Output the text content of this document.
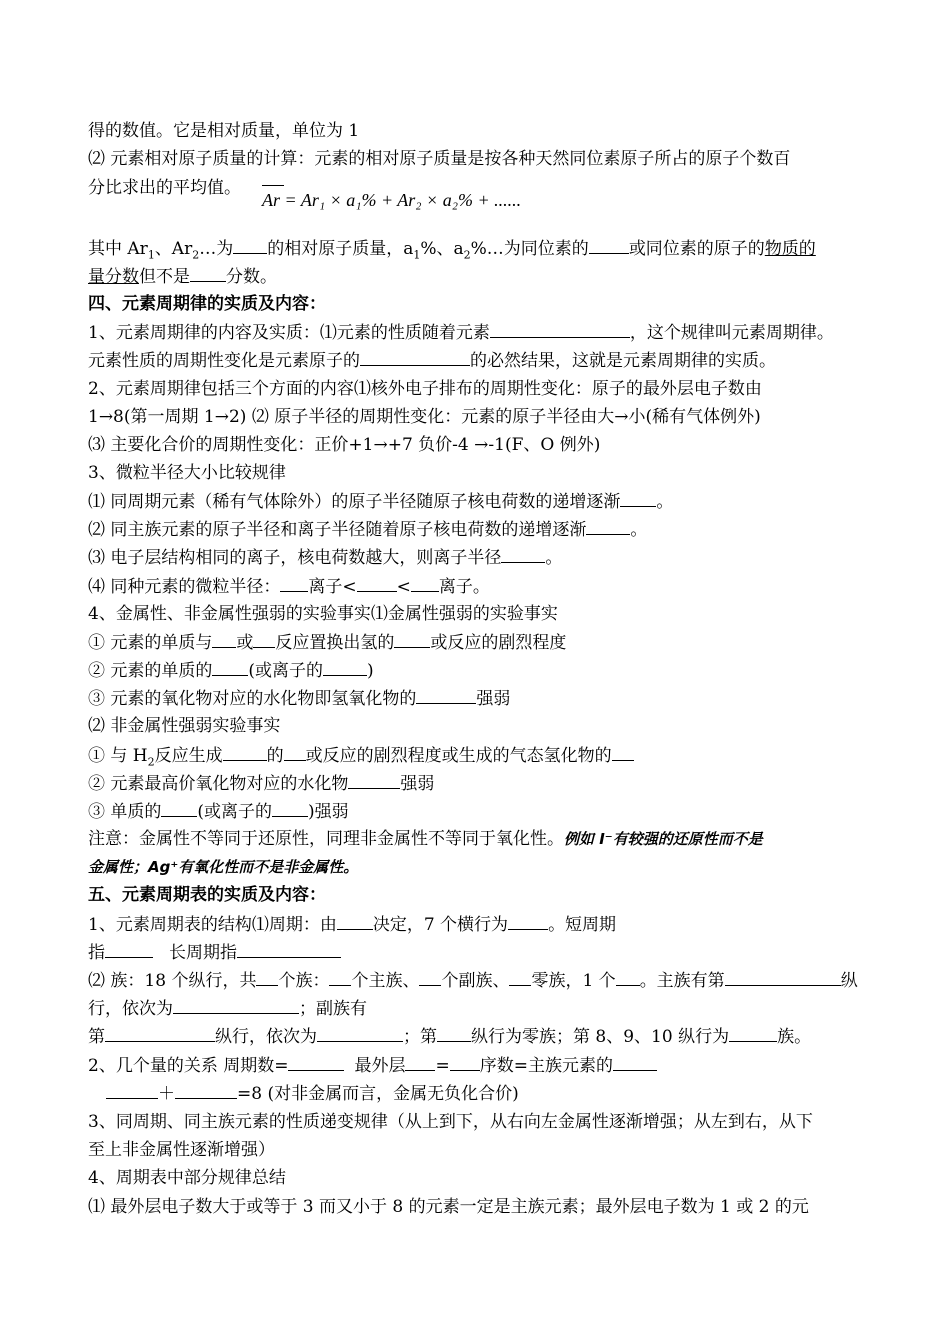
得的数值。它是相对质量，单位为 1
⑵ 元素相对原子质量的计算：元素的相对原子质量是按各种天然同位素原子所占的原子个数百
分比求出的平均值。
Ar = Ar₁ × a₁% + Ar₂ × a₂% + ......
其中 $Ar_1$、$Ar_2\dots$为 的相对原子质量，$a_1\%$、$a_2\%\dots$为同位素的 或同位素的原子的物质的
量分数但不是 分数。
四、元素周期律的实质及内容：
1、元素周期律的内容及实质：⑴元素的性质随着元素	，这个规律叫元素周期律。
元素性质的周期性变化是元素原子的	的必然结果，这就是元素周期律的实质。
2、元素周期律包括三个方面的内容⑴核外电子排布的周期性变化：原子的最外层电子数由
1→8(第一周期 1→2) ⑵ 原子半径的周期性变化：元素的原子半径由大→小(稀有气体例外)
⑶ 主要化合价的周期性变化：正价+1→+7 负价-4 →-1(F、O 例外)
3、微粒半径大小比较规律
⑴ 同周期元素（稀有气体除外）的原子半径随原子核电荷数的递增逐渐 。
⑵ 同主族元素的原子半径和离子半径随着原子核电荷数的递增逐渐	。
⑶ 电子层结构相同的离子，核电荷数越大，则离子半径	。
⑷ 同种元素的微粒半径： 离子< < 离子。
4、金属性、非金属性强弱的实验事实⑴金属性强弱的实验事实
① 元素的单质与 或 反应置换出氢的 或反应的剧烈程度
② 元素的单质的 (或离子的	)
③ 元素的氧化物对应的水化物即氢氧化物的	强弱
⑵ 非金属性强弱实验事实
① 与 $H_2$反应生成	的 或反应的剧烈程度或生成的气态氢化物的
② 元素最高价氧化物对应的水化物	强弱
③ 单质的 (或离子的 )强弱
注意：金属性不等同于还原性，同理非金属性不等同于氧化性。例如 I⁻有较强的还原性而不是
金属性；Ag⁺有氧化性而不是非金属性。
五、元素周期表的实质及内容：
1、元素周期表的结构⑴周期：由 决定，7 个横行为 。短周期
指	长周期指
⑵ 族：18 个纵行，共 个族： 个主族、 个副族、 零族，1 个 。主族有第	纵
行，依次为	；副族有
第	纵行，依次为	；第 纵行为零族；第 8、9、10 纵行为	族。
2、几个量的关系 周期数=	最外层 = 序数=主族元素的
＋	=8 (对非金属而言，金属无负化合价)
3、同周期、同主族元素的性质递变规律（从上到下，从右向左金属性逐渐增强；从左到右，从下
至上非金属性逐渐增强）
4、周期表中部分规律总结
⑴ 最外层电子数大于或等于 3 而又小于 8 的元素一定是主族元素；最外层电子数为 1 或 2 的元
